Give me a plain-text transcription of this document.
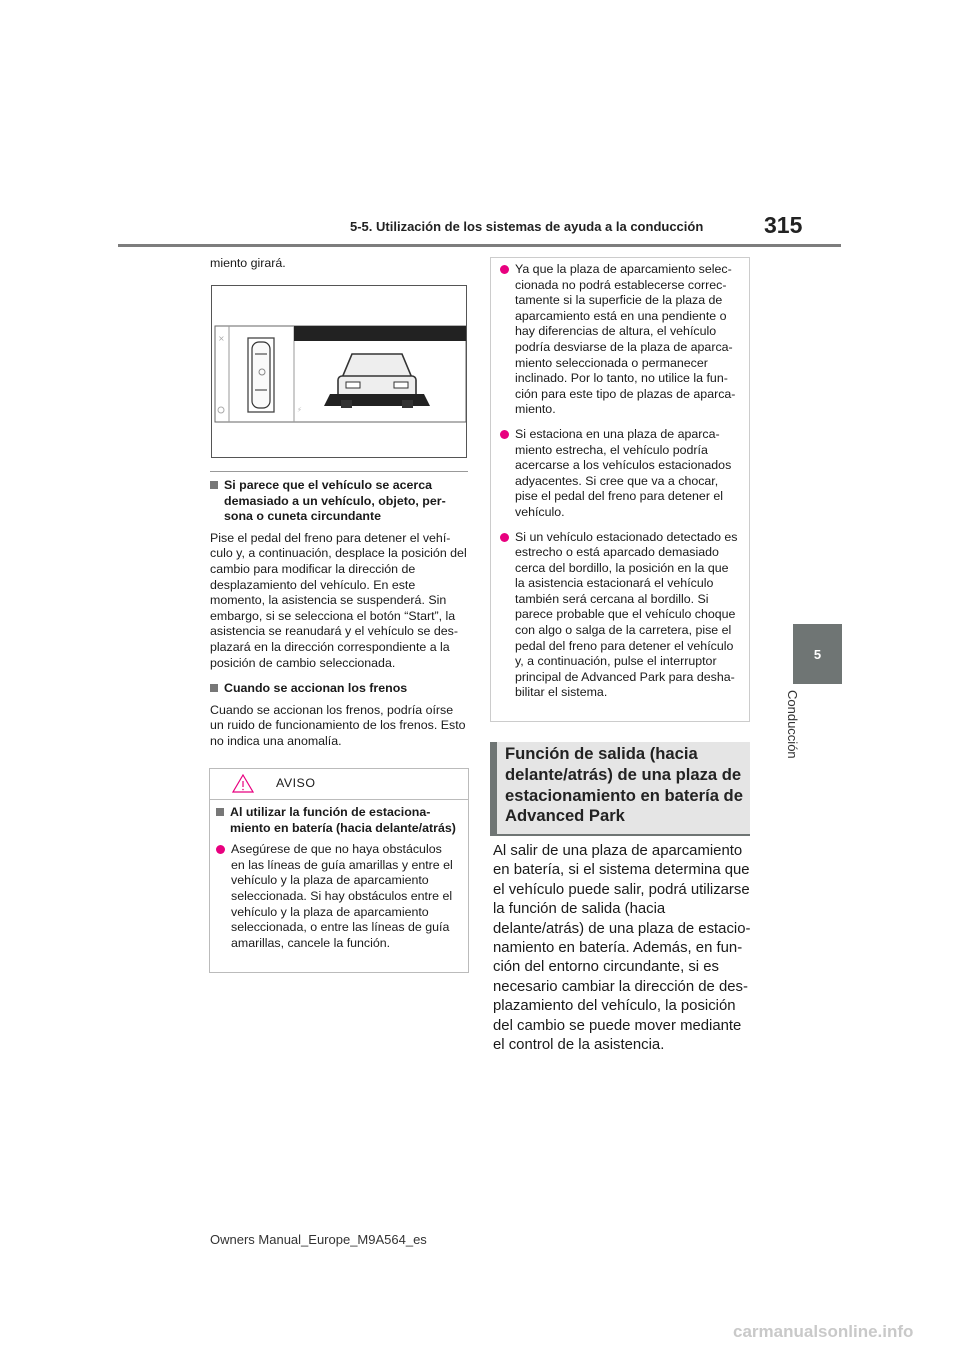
5-5. Utilización de los sistemas de ayuda a la conducción	315
5
Conducción

miento girará.

×
⚡
Si parece que el vehículo se acerca
demasiado a un vehículo, objeto, per-
sona o cuneta circundante

Pise el pedal del freno para detener el vehí- culo y, a continuación, desplace la posición del cambio para modificar la dirección de desplazamiento del vehículo. En este momento, la asistencia se suspenderá. Sin embargo, si se selecciona el botón “Start”, la asistencia se reanudará y el vehículo se des- plazará en la dirección correspondiente a la posición de cambio seleccionada.

Cuando se accionan los frenos

Cuando se accionan los frenos, podría oírse un ruido de funcionamiento de los frenos. Esto no indica una anomalía.

AVISO
Al utilizar la función de estaciona- miento en batería (hacia delante/atrás)
Asegúrese de que no haya obstáculos en las líneas de guía amarillas y entre el vehículo y la plaza de aparcamiento seleccionada. Si hay obstáculos entre el vehículo y la plaza de aparcamiento seleccionada, o entre las líneas de guía amarillas, cancele la función.
Ya que la plaza de aparcamiento selec- cionada no podrá establecerse correc- tamente si la superficie de la plaza de aparcamiento está en una pendiente o hay diferencias de altura, el vehículo podría desviarse de la plaza de aparca- miento seleccionada o permanecer inclinado. Por lo tanto, no utilice la fun- ción para este tipo de plazas de aparca- miento.
Si estaciona en una plaza de aparca- miento estrecha, el vehículo podría acercarse a los vehículos estacionados adyacentes. Si cree que va a chocar, pise el pedal del freno para detener el vehículo.
Si un vehículo estacionado detectado es estrecho o está aparcado demasiado cerca del bordillo, la posición en la que la asistencia estacionará el vehículo también será cercana al bordillo. Si parece probable que el vehículo choque con algo o salga de la carretera, pise el pedal del freno para detener el vehículo y, a continuación, pulse el interruptor principal de Advanced Park para desha- bilitar el sistema.
Función de salida (hacia delante/atrás) de una plaza de estacionamiento en batería de Advanced Park
Al salir de una plaza de aparcamiento en batería, si el sistema determina que el vehículo puede salir, podrá utilizarse la función de salida (hacia delante/atrás) de una plaza de estacio- namiento en batería. Además, en fun- ción del entorno circundante, si es necesario cambiar la dirección de des- plazamiento del vehículo, la posición del cambio se puede mover mediante el control de la asistencia.
Owners Manual_Europe_M9A564_es
carmanualsonline.info
